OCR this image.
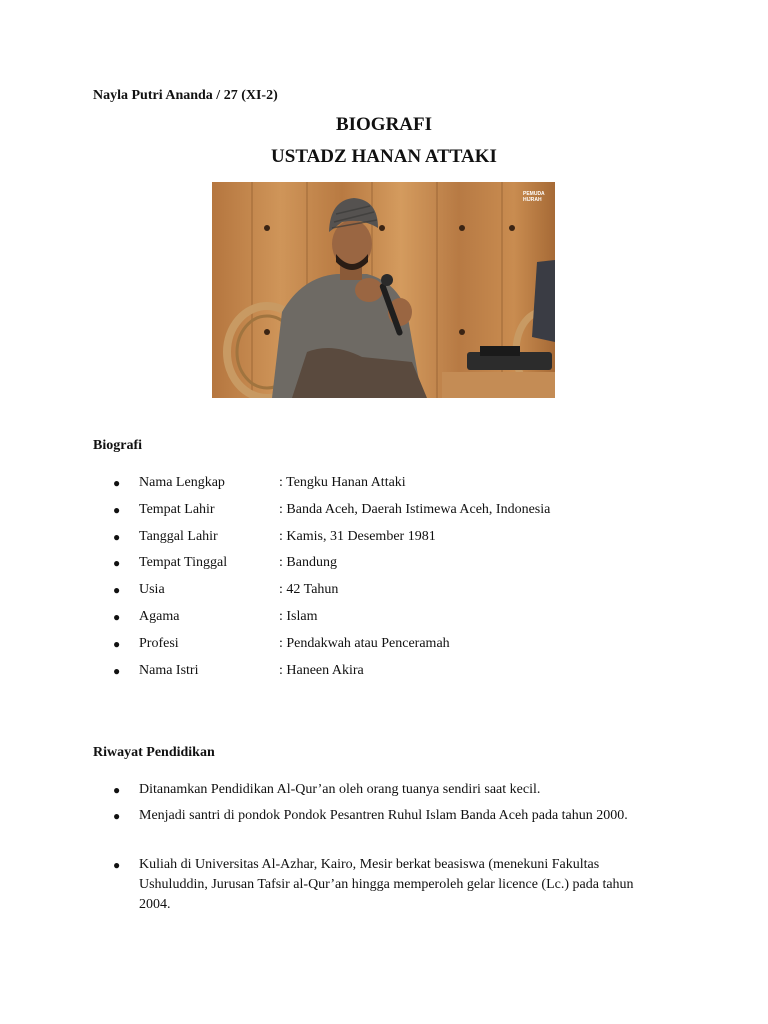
Nayla Putri Ananda / 27 (XI-2)
BIOGRAFI
USTADZ HANAN ATTAKI
PEMUDA HIJRAH
Biografi
● Nama Lengkap	: Tengku Hanan Attaki
● Tempat Lahir	: Banda Aceh, Daerah Istimewa Aceh, Indonesia
● Tanggal Lahir	: Kamis, 31 Desember 1981
● Tempat Tinggal	: Bandung
● Usia	: 42 Tahun
● Agama	: Islam
● Profesi	: Pendakwah atau Penceramah
● Nama Istri	: Haneen Akira
Riwayat Pendidikan
● Ditanamkan Pendidikan Al-Qur’an oleh orang tuanya sendiri saat kecil.
● Menjadi santri di pondok Pondok Pesantren Ruhul Islam Banda Aceh pada tahun 2000.
● Kuliah di Universitas Al-Azhar, Kairo, Mesir berkat beasiswa (menekuni Fakultas Ushuluddin, Jurusan Tafsir al-Qur’an hingga memperoleh gelar licence (Lc.) pada tahun 2004.
